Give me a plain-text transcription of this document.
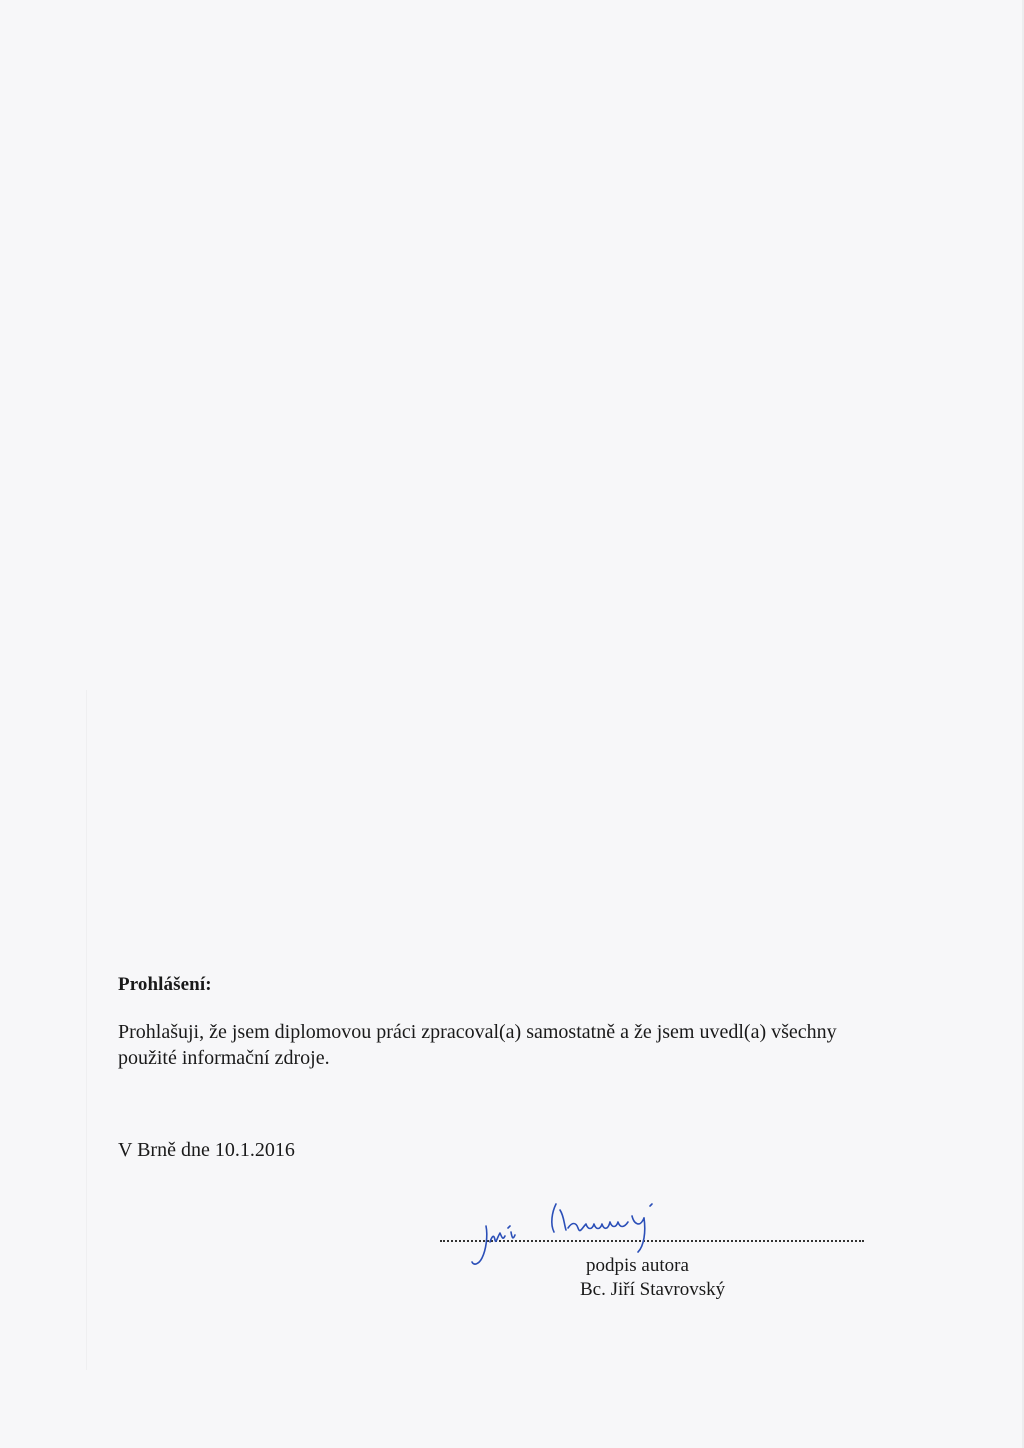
Prohlášení:
Prohlašuji, že jsem diplomovou práci zpracoval(a) samostatně a že jsem uvedl(a) všechny
použité informační zdroje.
V Brně dne 10.1.2016
podpis autora
Bc. Jiří Stavrovský
